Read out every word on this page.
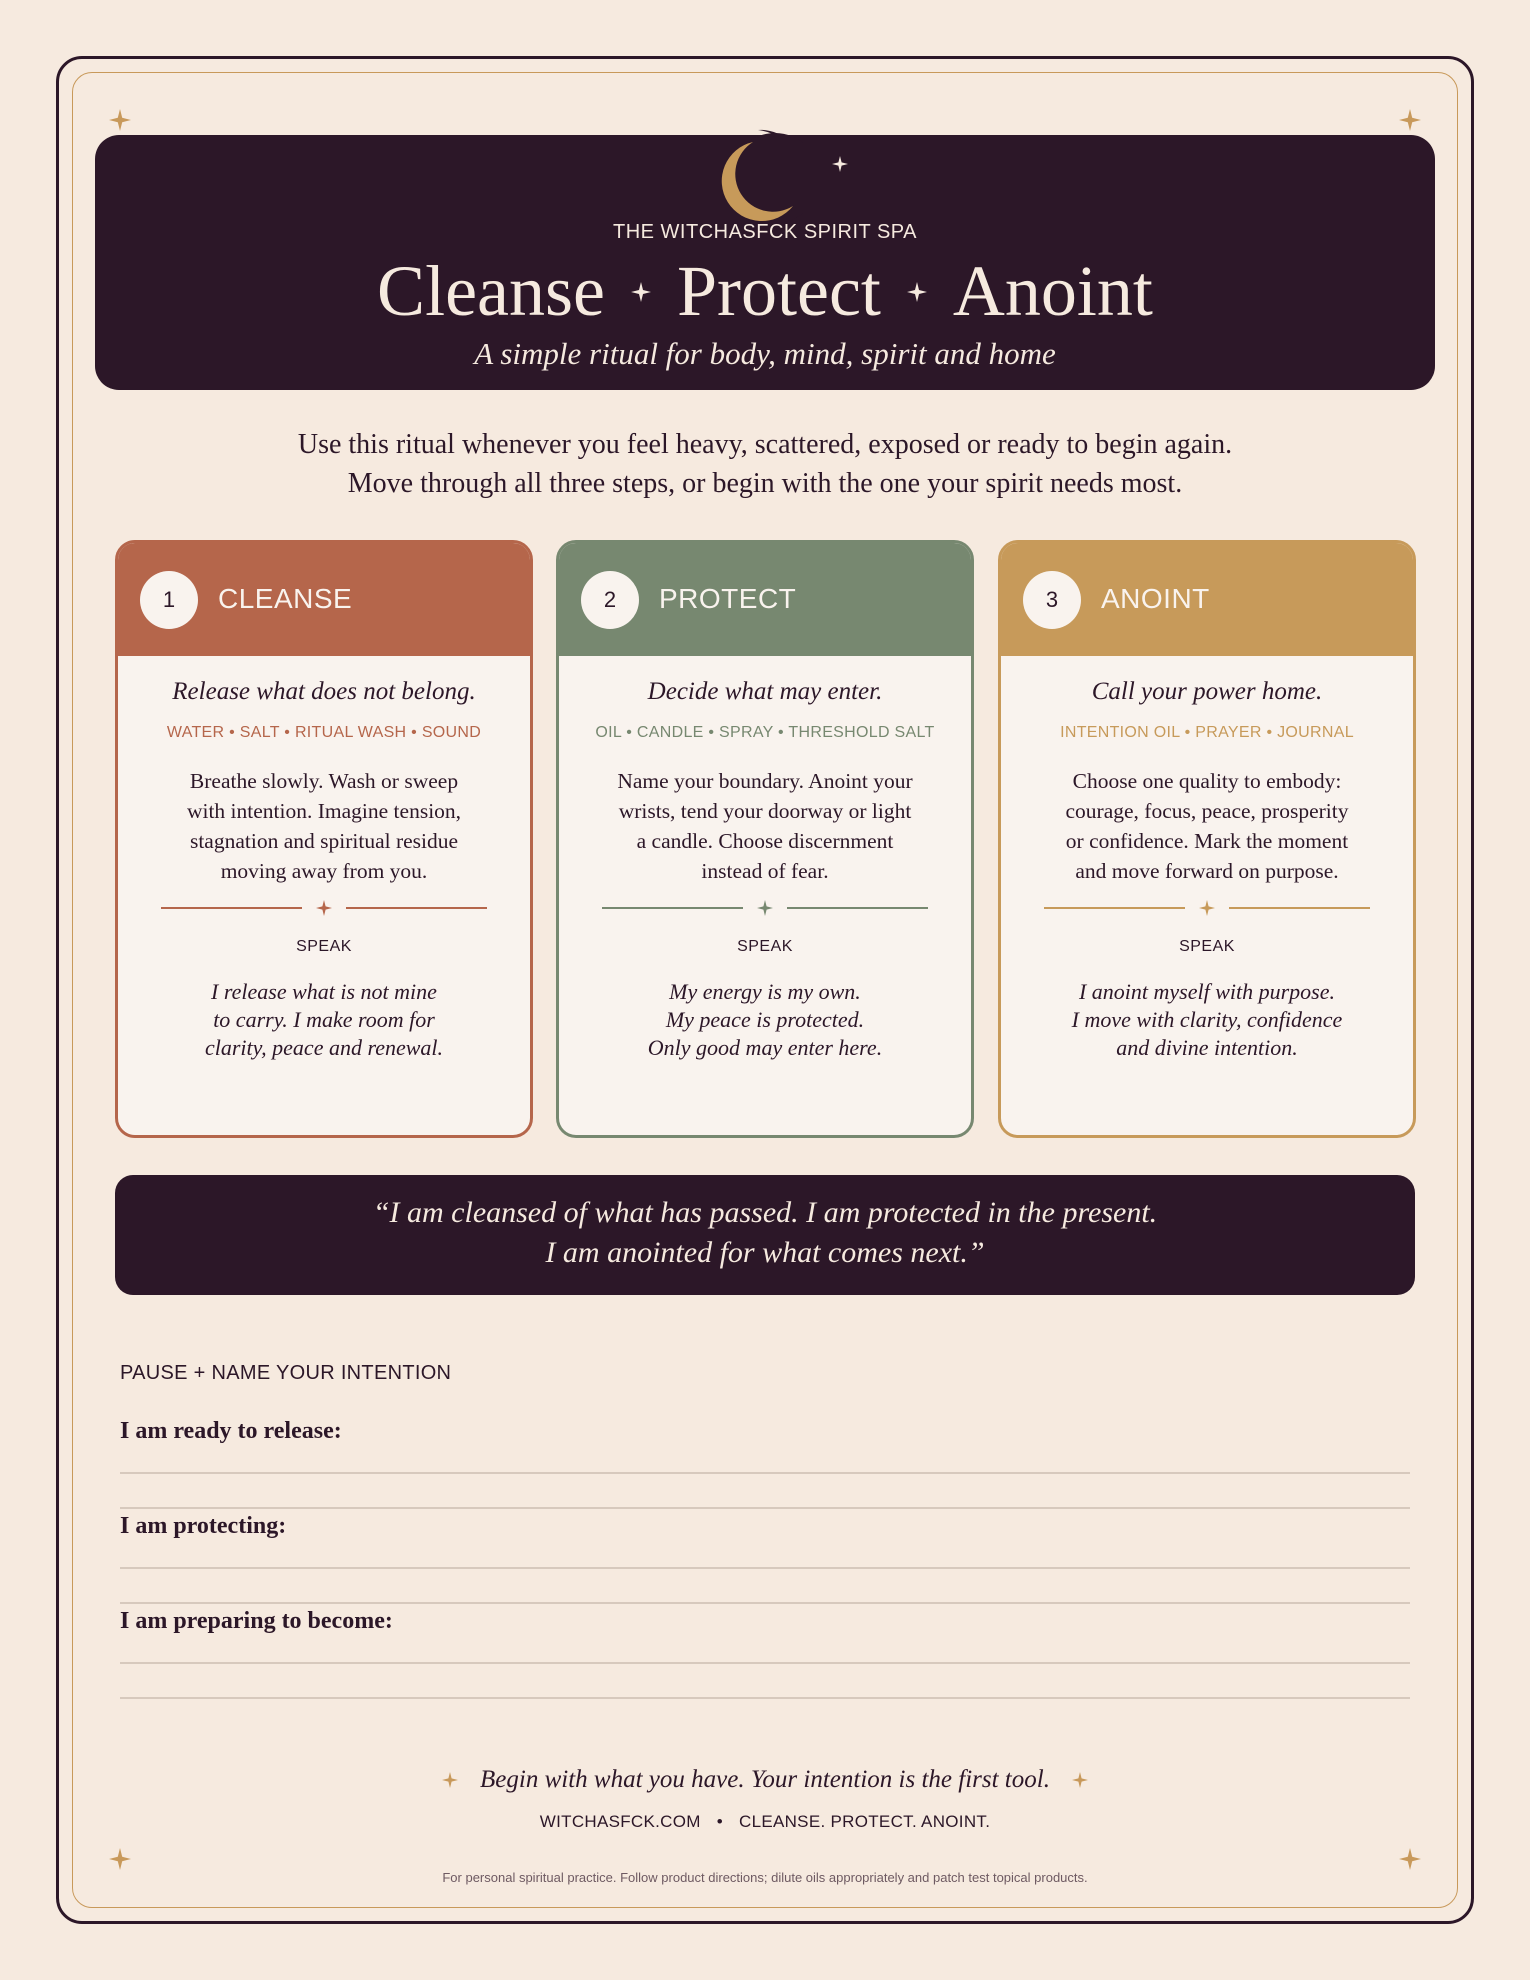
THE WITCHASFCK SPIRIT SPA
Cleanse Protect Anoint
A simple ritual for body, mind, spirit and home
Use this ritual whenever you feel heavy, scattered, exposed or ready to begin again.
Move through all three steps, or begin with the one your spirit needs most.
1	CLEANSE
Release what does not belong.
WATER • SALT • RITUAL WASH • SOUND
Breathe slowly. Wash or sweep
with intention. Imagine tension,
stagnation and spiritual residue
moving away from you.
SPEAK
I release what is not mine
to carry. I make room for
clarity, peace and renewal.
2	PROTECT
Decide what may enter.
OIL • CANDLE • SPRAY • THRESHOLD SALT
Name your boundary. Anoint your
wrists, tend your doorway or light
a candle. Choose discernment
instead of fear.
SPEAK
My energy is my own.
My peace is protected.
Only good may enter here.
3	ANOINT
Call your power home.
INTENTION OIL • PRAYER • JOURNAL
Choose one quality to embody:
courage, focus, peace, prosperity
or confidence. Mark the moment
and move forward on purpose.
SPEAK
I anoint myself with purpose.
I move with clarity, confidence
and divine intention.
“I am cleansed of what has passed. I am protected in the present.
I am anointed for what comes next.”
PAUSE + NAME YOUR INTENTION
I am ready to release:
I am protecting:
I am preparing to become:
Begin with what you have. Your intention is the first tool.
WITCHASFCK.COM • CLEANSE. PROTECT. ANOINT.
For personal spiritual practice. Follow product directions; dilute oils appropriately and patch test topical products.
